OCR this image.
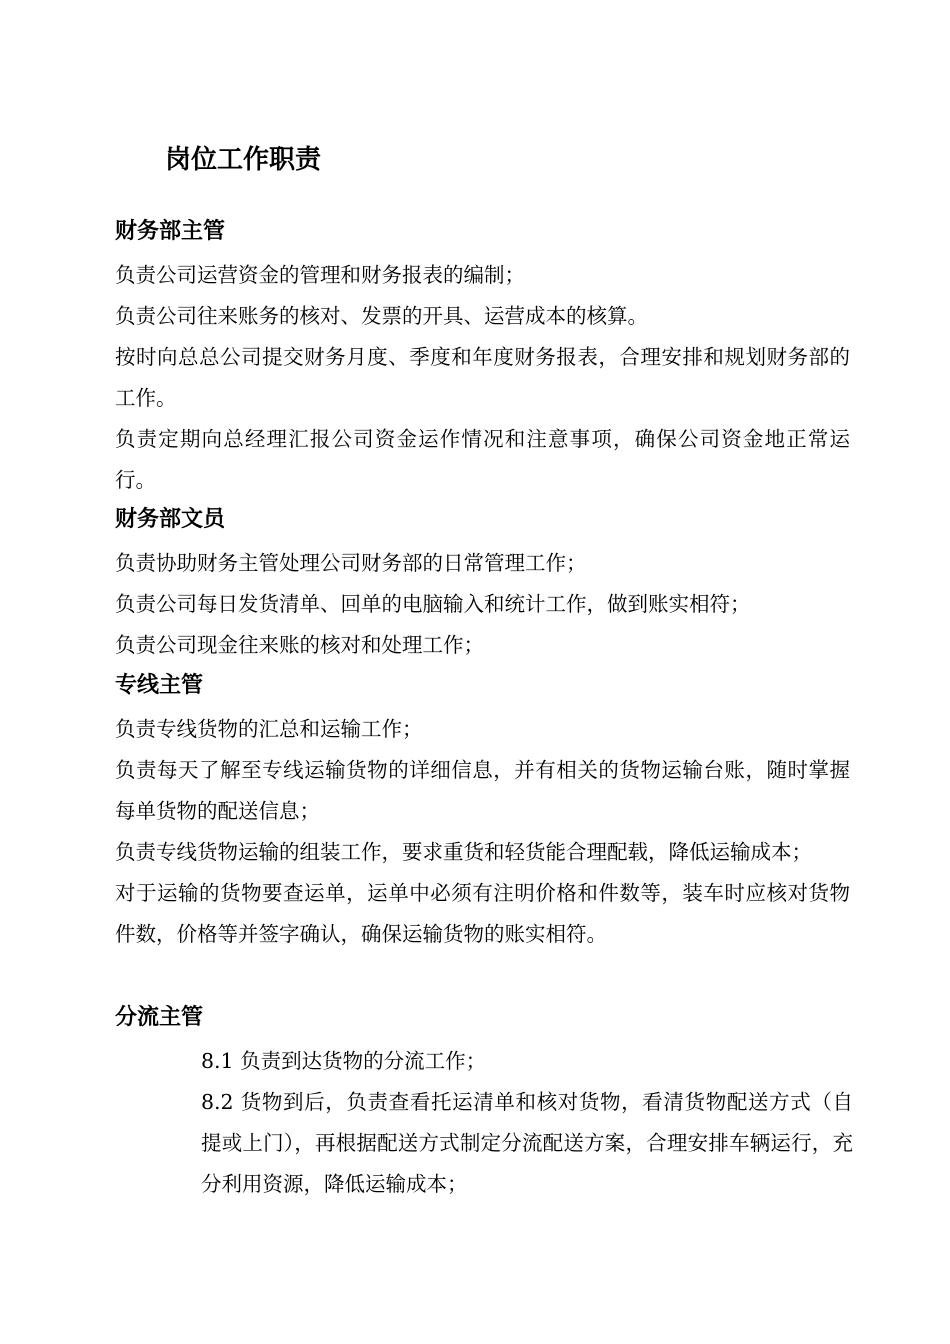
岗位工作职责
财务部主管

负责公司运营资金的管理和财务报表的编制；

负责公司往来账务的核对、发票的开具、运营成本的核算。

按时向总总公司提交财务月度、季度和年度财务报表，合理安排和规划财务部的工作。

负责定期向总经理汇报公司资金运作情况和注意事项，确保公司资金地正常运行。

财务部文员

负责协助财务主管处理公司财务部的日常管理工作；

负责公司每日发货清单、回单的电脑输入和统计工作，做到账实相符；

负责公司现金往来账的核对和处理工作；

专线主管

负责专线货物的汇总和运输工作；

负责每天了解至专线运输货物的详细信息，并有相关的货物运输台账，随时掌握每单货物的配送信息；

负责专线货物运输的组装工作，要求重货和轻货能合理配载，降低运输成本；

对于运输的货物要查运单，运单中必须有注明价格和件数等，装车时应核对货物件数，价格等并签字确认，确保运输货物的账实相符。

分流主管

8.1 负责到达货物的分流工作；

8.2 货物到后，负责查看托运清单和核对货物，看清货物配送方式（自提或上门），再根据配送方式制定分流配送方案，合理安排车辆运行，充分利用资源，降低运输成本；
